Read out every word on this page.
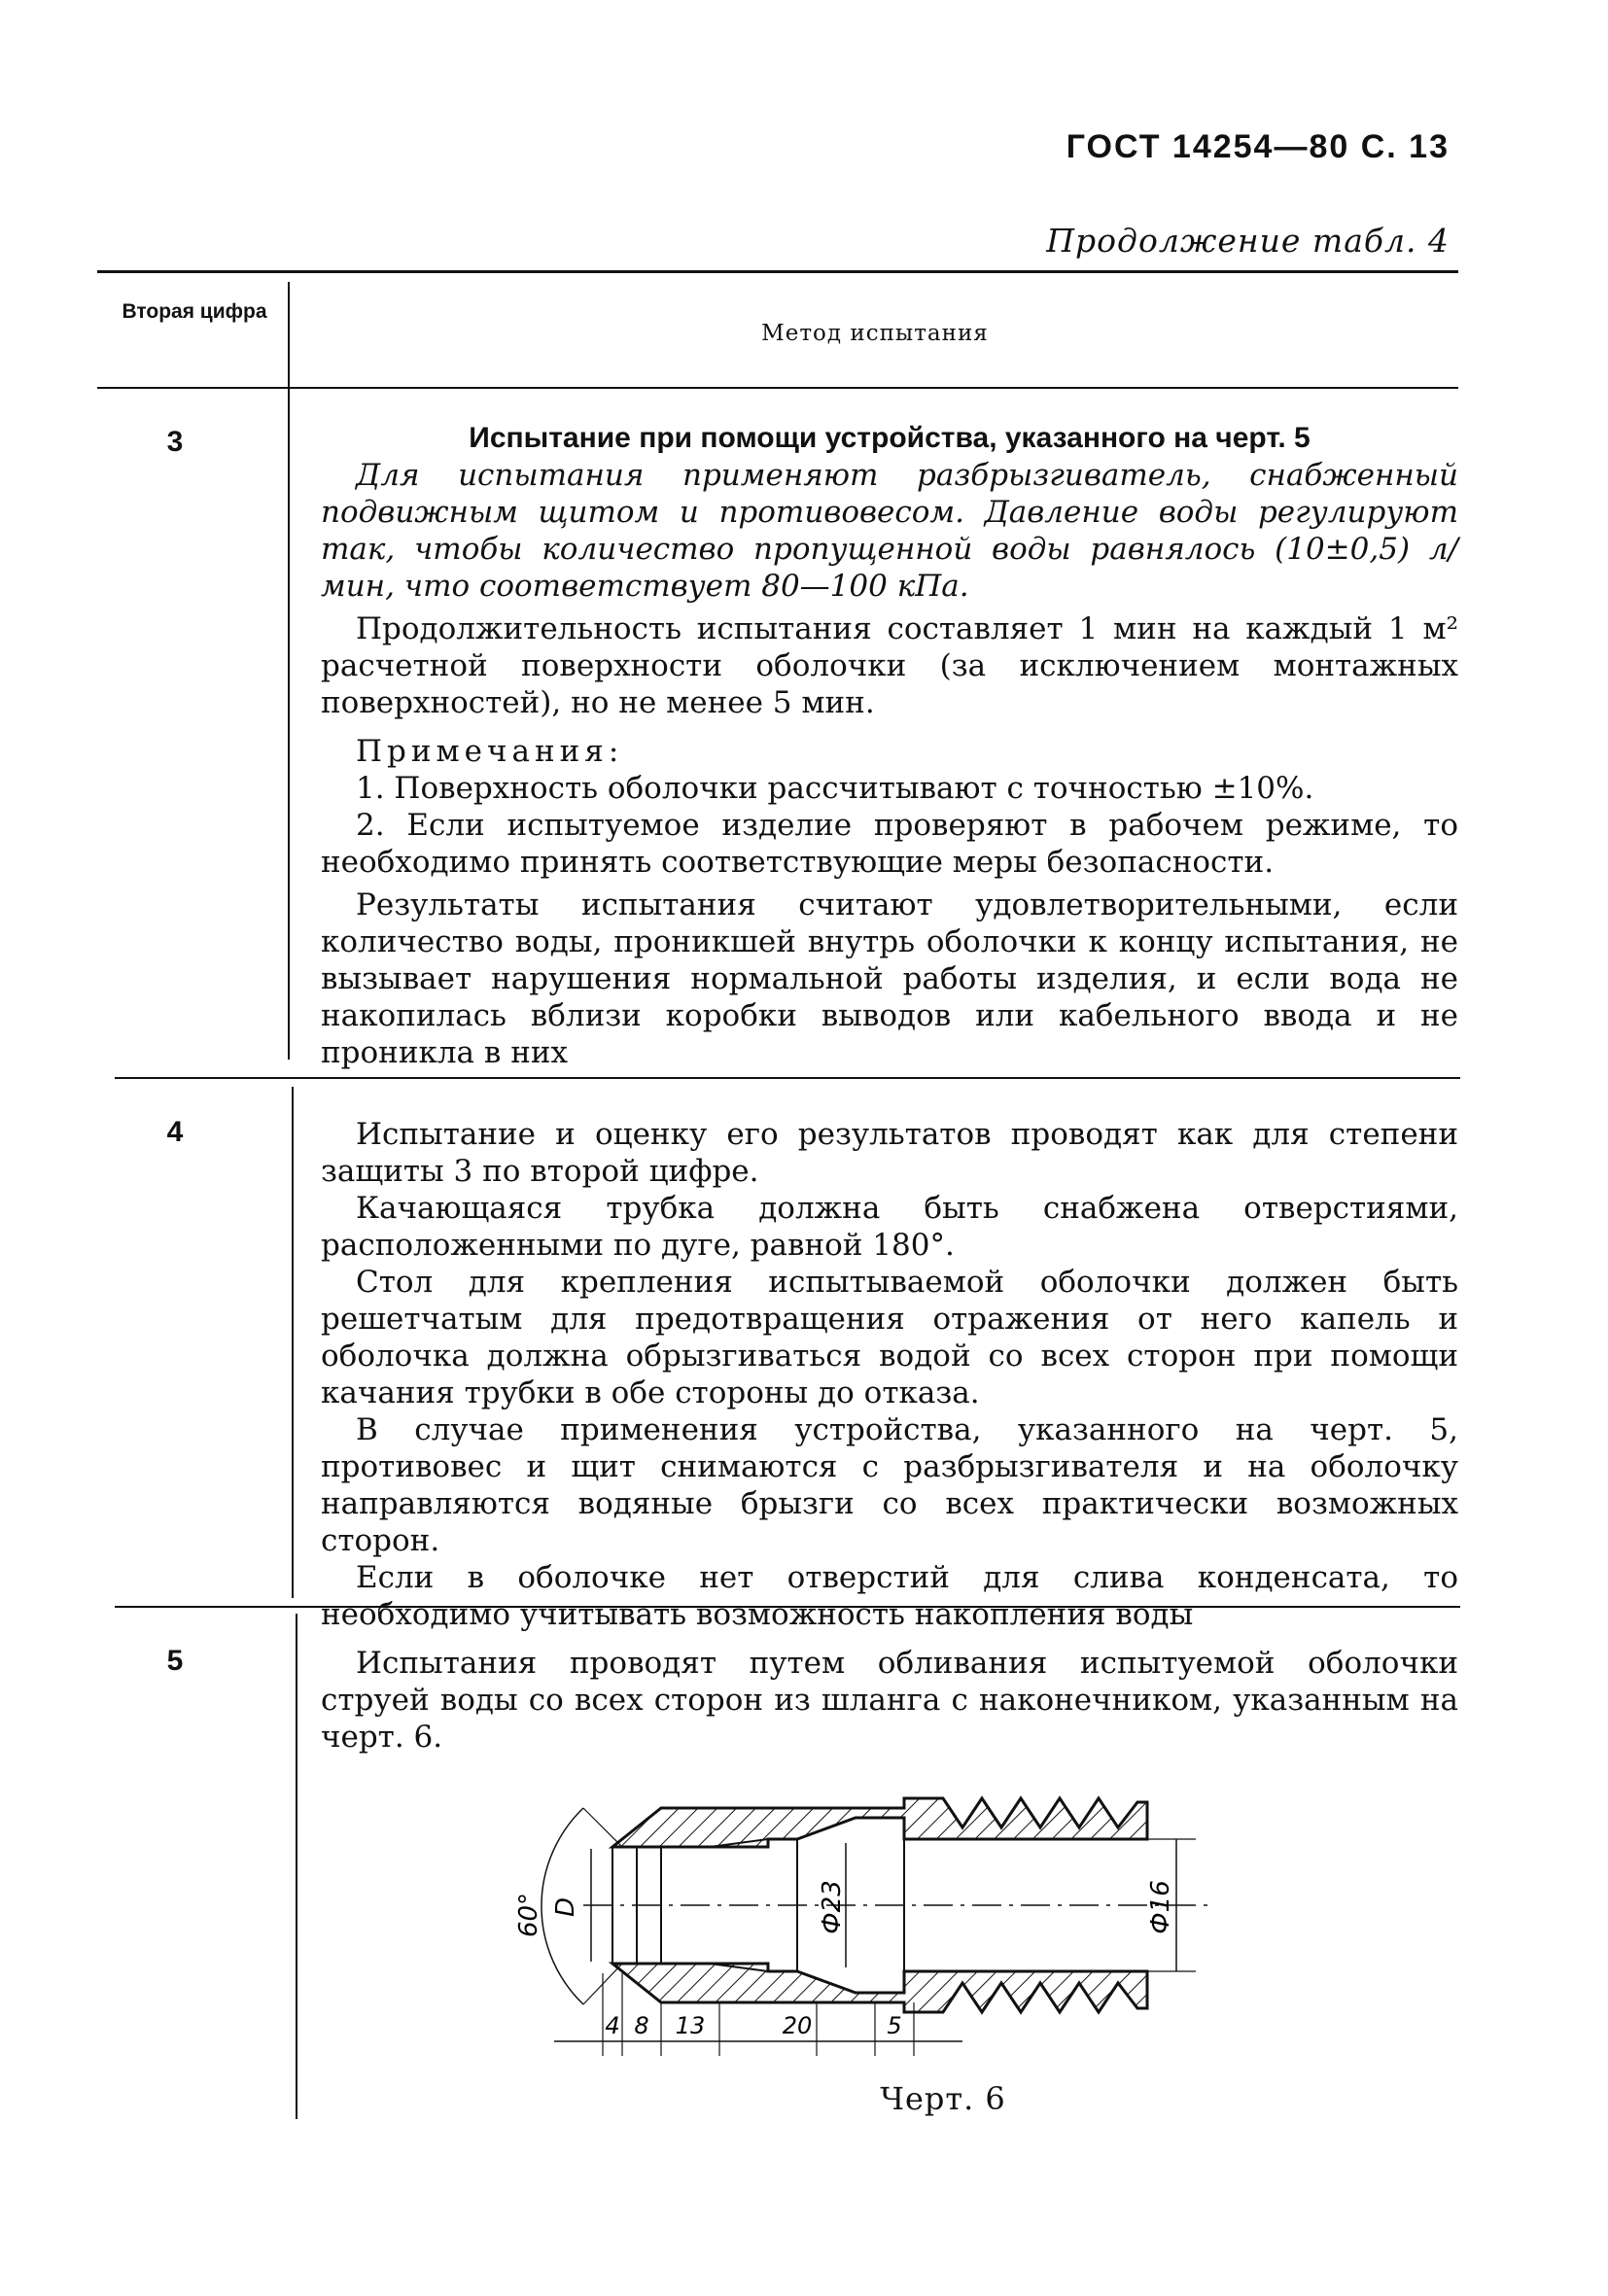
ГОСТ 14254—80 С. 13
Продолжение табл. 4
Вторая цифра
Метод испытания
3	Испытание при помощи устройства, указанного на черт. 5

Для испытания применяют разбрызгиватель, снабженный подвижным щитом и противовесом. Давление воды регулируют так, чтобы количество пропущенной воды равнялось (10±0,5) л/мин, что соответствует 80—100 кПа.

Продолжительность испытания составляет 1 мин на каждый 1 м² расчетной поверхности оболочки (за исключением монтажных поверхностей), но не менее 5 мин.

Примечания:

1. Поверхность оболочки рассчитывают с точностью ±10%.

2. Если испытуемое изделие проверяют в рабочем режиме, то необходимо принять соответствующие меры безопасности.

Результаты испытания считают удовлетворительными, если количество воды, проникшей внутрь оболочки к концу испытания, не вызывает нарушения нормальной работы изделия, и если вода не накопилась вблизи коробки выводов или кабельного ввода и не проникла в них

4	Испытание и оценку его результатов проводят как для степени защиты 3 по второй цифре.

Качающаяся трубка должна быть снабжена отверстиями, расположенными по дуге, равной 180°.

Стол для крепления испытываемой оболочки должен быть решетчатым для предотвращения отражения от него капель и оболочка должна обрызгиваться водой со всех сторон при помощи качания трубки в обе стороны до отказа.

В случае применения устройства, указанного на черт. 5, противовес и щит снимаются с разбрызгивателя и на оболочку направляются водяные брызги со всех практически возможных сторон.

Если в оболочке нет отверстий для слива конденсата, то необходимо учитывать возможность накопления воды

5	Испытания проводят путем обливания испытуемой оболочки струей воды со всех сторон из шланга с наконечником, указанным на черт. 6.

60° D	Ф23	Ф16
4 8 13	20	5
Черт. 6
